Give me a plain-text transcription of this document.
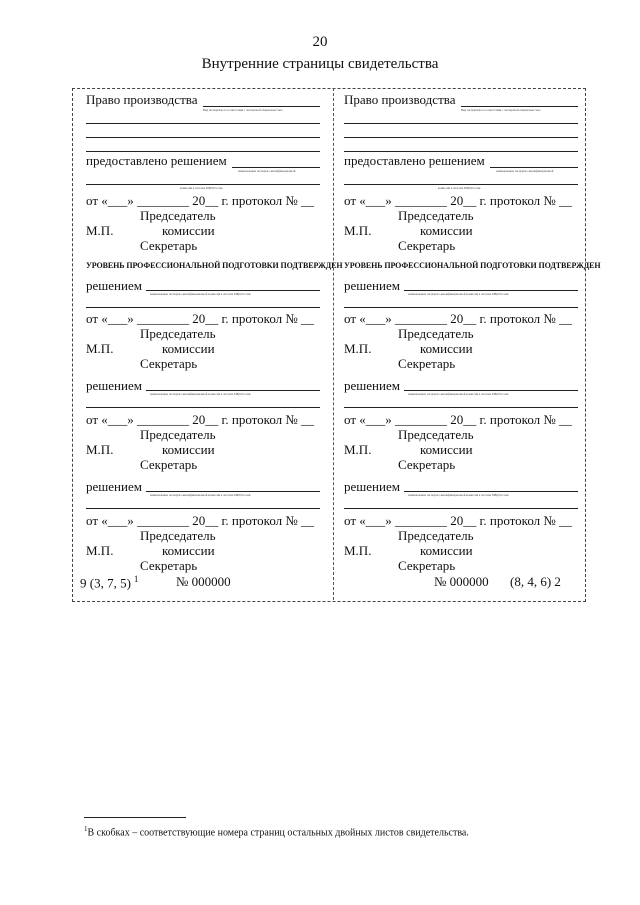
20
Внутренние страницы свидетельства
Право производства
Вид экспертизы в соответствии с экспертной специальностью
предоставлено решением
наименование экспертно-квалификационной
комиссии в системе МВД России
от «___» ________ 20__ г. протокол № __
Председатель
М.П.	комиссии
Секретарь
УРОВЕНЬ ПРОФЕССИОНАЛЬНОЙ ПОДГОТОВКИ ПОДТВЕРЖДЕН
решением
наименование экспертно-квалификационной комиссии в системе МВД России
от «___» ________ 20__ г. протокол № __
Председатель
М.П.	комиссии
Секретарь
решением
наименование экспертно-квалификационной комиссии в системе МВД России
от «___» ________ 20__ г. протокол № __
Председатель
М.П.	комиссии
Секретарь
решением
наименование экспертно-квалификационной комиссии в системе МВД России
от «___» ________ 20__ г. протокол № __
Председатель
М.П.	комиссии
Секретарь
9 (3, 7, 5) $^1$	№ 000000
Право производства
Вид экспертизы в соответствии с экспертной специальностью
предоставлено решением
наименование экспертно-квалификационной
комиссии в системе МВД России
от «___» ________ 20__ г. протокол № __
Председатель
М.П.	комиссии
Секретарь
УРОВЕНЬ ПРОФЕССИОНАЛЬНОЙ ПОДГОТОВКИ ПОДТВЕРЖДЕН
решением
наименование экспертно-квалификационной комиссии в системе МВД России
от «___» ________ 20__ г. протокол № __
Председатель
М.П.	комиссии
Секретарь
решением
наименование экспертно-квалификационной комиссии в системе МВД России
от «___» ________ 20__ г. протокол № __
Председатель
М.П.	комиссии
Секретарь
решением
наименование экспертно-квалификационной комиссии в системе МВД России
от «___» ________ 20__ г. протокол № __
Председатель
М.П.	комиссии
Секретарь
№ 000000 (8, 4, 6) 2
$^1$В скобках – соответствующие номера страниц остальных двойных листов свидетельства.
